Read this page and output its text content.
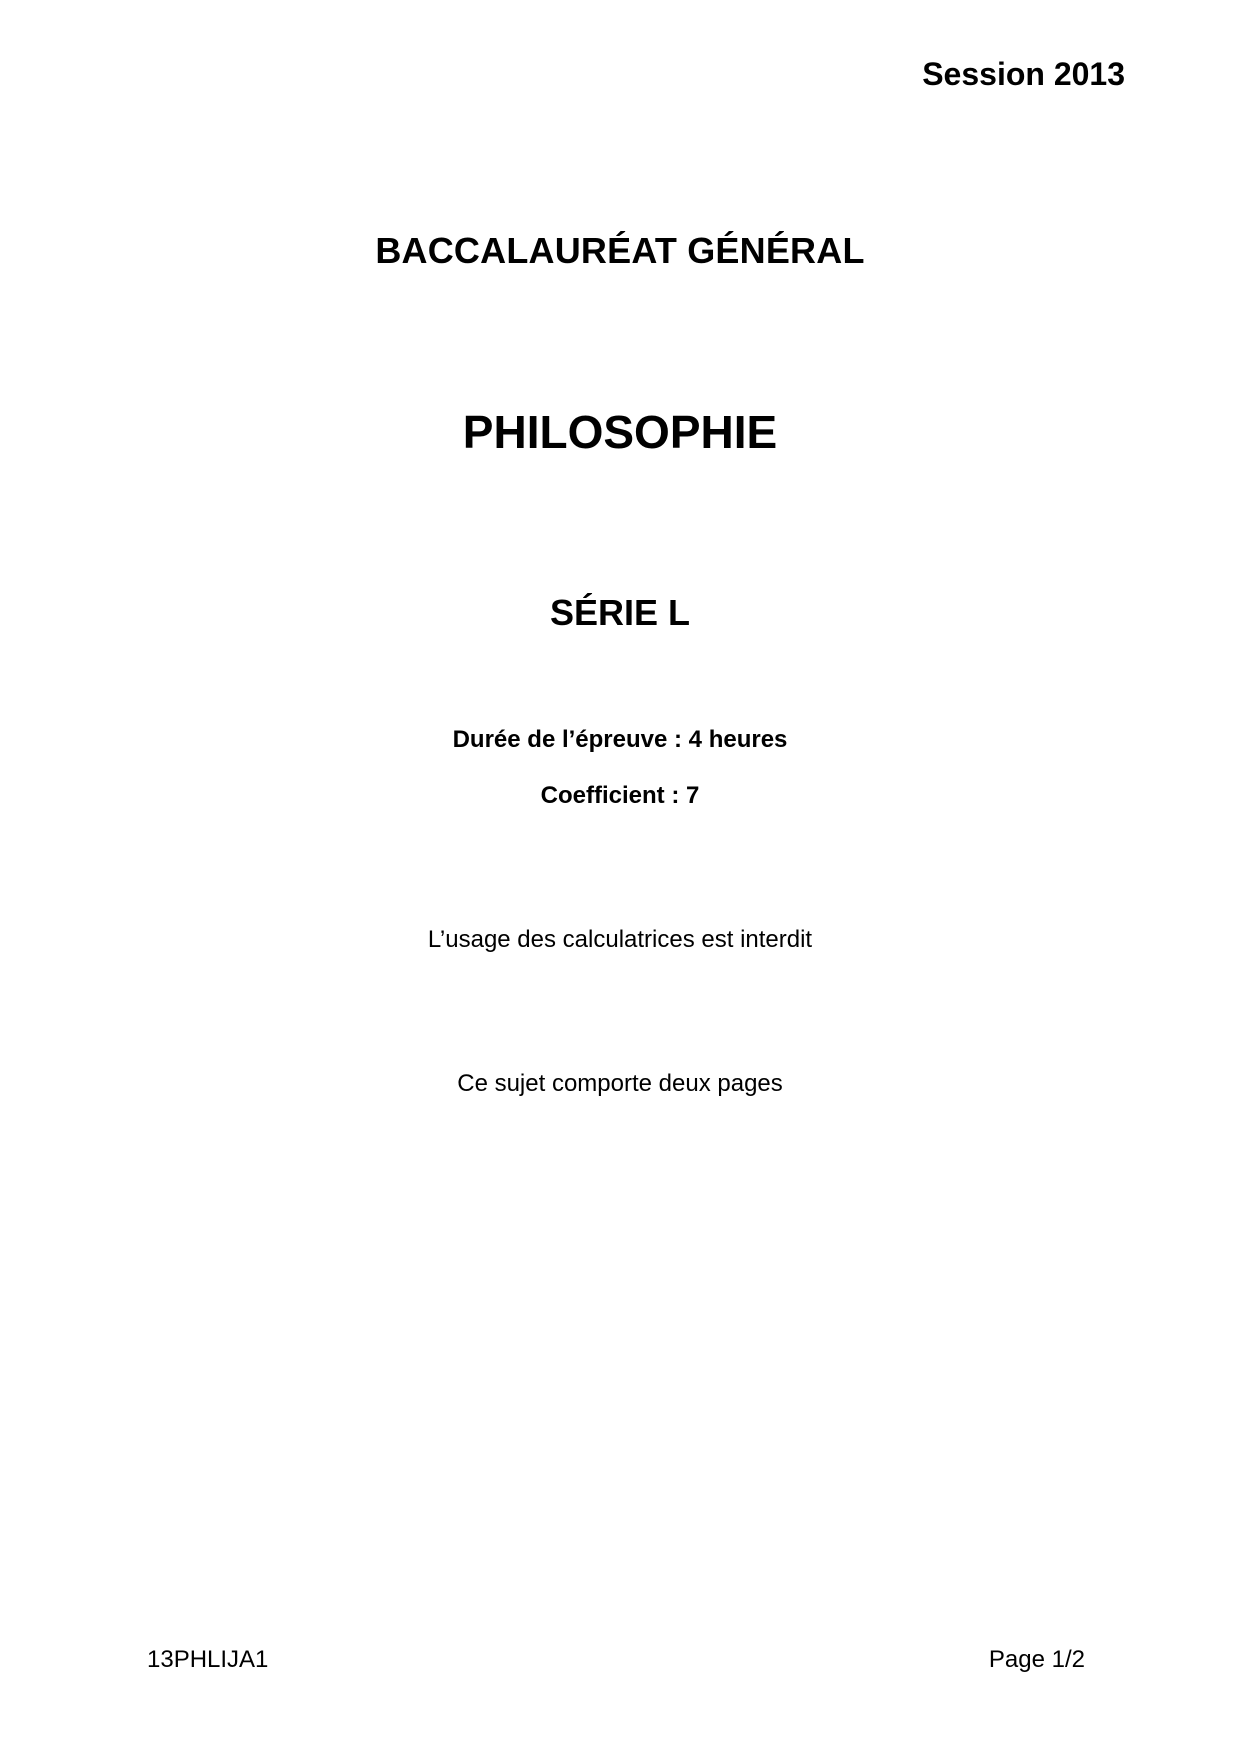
Session 2013
BACCALAURÉAT GÉNÉRAL
PHILOSOPHIE
SÉRIE L
Durée de l’épreuve : 4 heures
Coefficient : 7
L’usage des calculatrices est interdit
Ce sujet comporte deux pages
13PHLIJA1	Page 1/2
